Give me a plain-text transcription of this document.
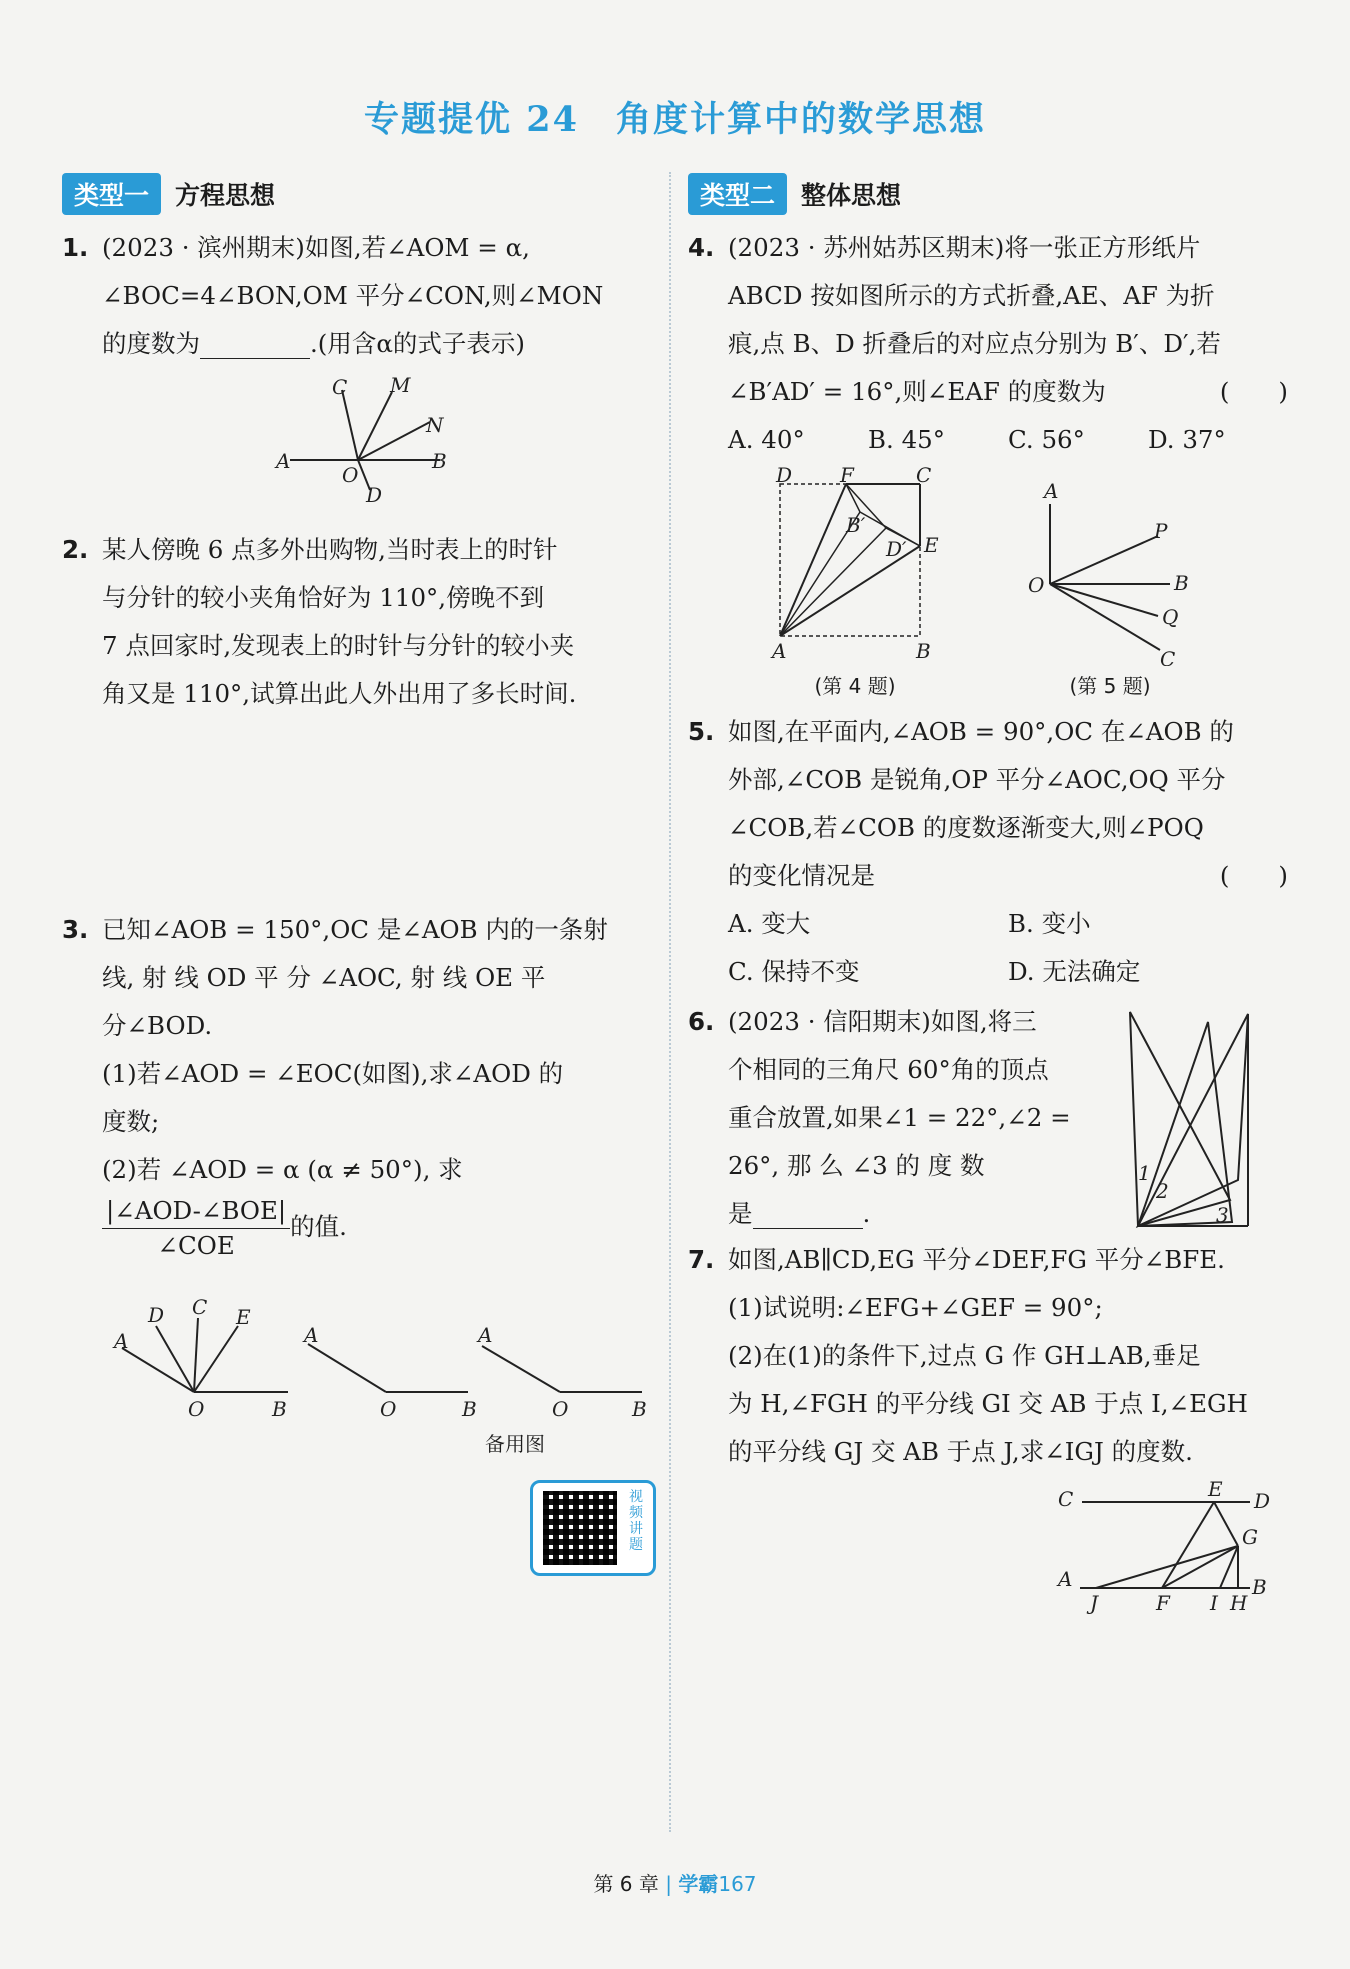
专题提优 24　角度计算中的数学思想
类型一	方程思想
1. (2023 · 滨州期末)如图,若∠AOM = α,
∠BOC=4∠BON,OM 平分∠CON,则∠MON
的度数为	.(用含α的式子表示)
C M
N
A
O
B
D
2. 某人傍晚 6 点多外出购物,当时表上的时针
与分针的较小夹角恰好为 110°,傍晚不到
7 点回家时,发现表上的时针与分针的较小夹
角又是 110°,试算出此人外出用了多长时间.
3. 已知∠AOB = 150°,OC 是∠AOB 内的一条射
线, 射 线 OD 平 分 ∠AOC, 射 线 OE 平
分∠BOD.
(1)若∠AOD = ∠EOC(如图),求∠AOD 的
度数;
(2)若 ∠AOD = α (α ≠ 50°), 求
$\frac{\text{|∠AOD-∠BOE|}}{\text{∠COE}}$ 的值.
A
D C E
O	B
A
O	B
A
O	B
备用图
视频讲题
类型二	整体思想
4. (2023 · 苏州姑苏区期末)将一张正方形纸片
ABCD 按如图所示的方式折叠,AE、AF 为折
痕,点 B、D 折叠后的对应点分别为 B′、D′,若
∠B′AD′ = 16°,则∠EAF 的度数为	(　　)
A. 40°	B. 45°	C. 56°	D. 37°
D F	C
B′
D′ E
A	B
(第 4 题)
A
P
O	B
Q
C
(第 5 题)
5. 如图,在平面内,∠AOB = 90°,OC 在∠AOB 的
外部,∠COB 是锐角,OP 平分∠AOC,OQ 平分
∠COB,若∠COB 的度数逐渐变大,则∠POQ
的变化情况是	(　　)
A. 变大	B. 变小
C. 保持不变	D. 无法确定
6. (2023 · 信阳期末)如图,将三
个相同的三角尺 60°角的顶点
重合放置,如果∠1 = 22°,∠2 =
26°, 那 么 ∠3 的 度 数
是	.
1
2
3
7. 如图,AB∥CD,EG 平分∠DEF,FG 平分∠BFE.
(1)试说明:∠EFG+∠GEF = 90°;
(2)在(1)的条件下,过点 G 作 GH⊥AB,垂足
为 H,∠FGH 的平分线 GI 交 AB 于点 I,∠EGH
的平分线 GJ 交 AB 于点 J,求∠IGJ 的度数.
C	E D
G
A
J	F I H
B
第 6 章 | 学霸167
